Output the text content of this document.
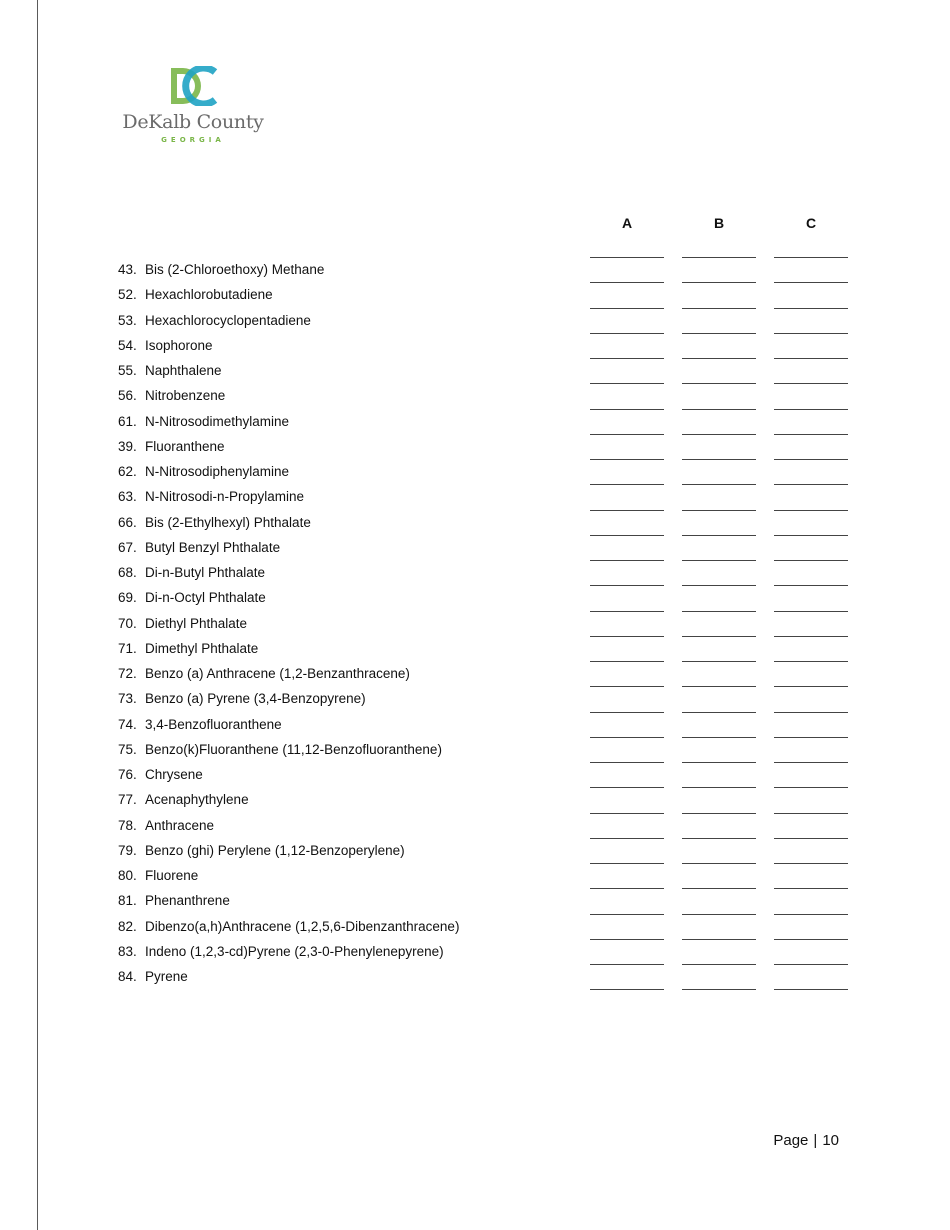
DeKalb County
GEORGIA
A	B	C
43. Bis (2-Chloroethoxy) Methane
52. Hexachlorobutadiene
53. Hexachlorocyclopentadiene
54. Isophorone
55. Naphthalene
56. Nitrobenzene
61. N-Nitrosodimethylamine
39. Fluoranthene
62. N-Nitrosodiphenylamine
63. N-Nitrosodi-n-Propylamine
66. Bis (2-Ethylhexyl) Phthalate
67. Butyl Benzyl Phthalate
68. Di-n-Butyl Phthalate
69. Di-n-Octyl Phthalate
70. Diethyl Phthalate
71. Dimethyl Phthalate
72. Benzo (a) Anthracene (1,2-Benzanthracene)
73. Benzo (a) Pyrene (3,4-Benzopyrene)
74. 3,4-Benzofluoranthene
75. Benzo(k)Fluoranthene (11,12-Benzofluoranthene)
76. Chrysene
77. Acenaphythylene
78. Anthracene
79. Benzo (ghi) Perylene (1,12-Benzoperylene)
80. Fluorene
81. Phenanthrene
82. Dibenzo(a,h)Anthracene (1,2,5,6-Dibenzanthracene)
83. Indeno (1,2,3-cd)Pyrene (2,3-0-Phenylenepyrene)
84. Pyrene
Page | 10
